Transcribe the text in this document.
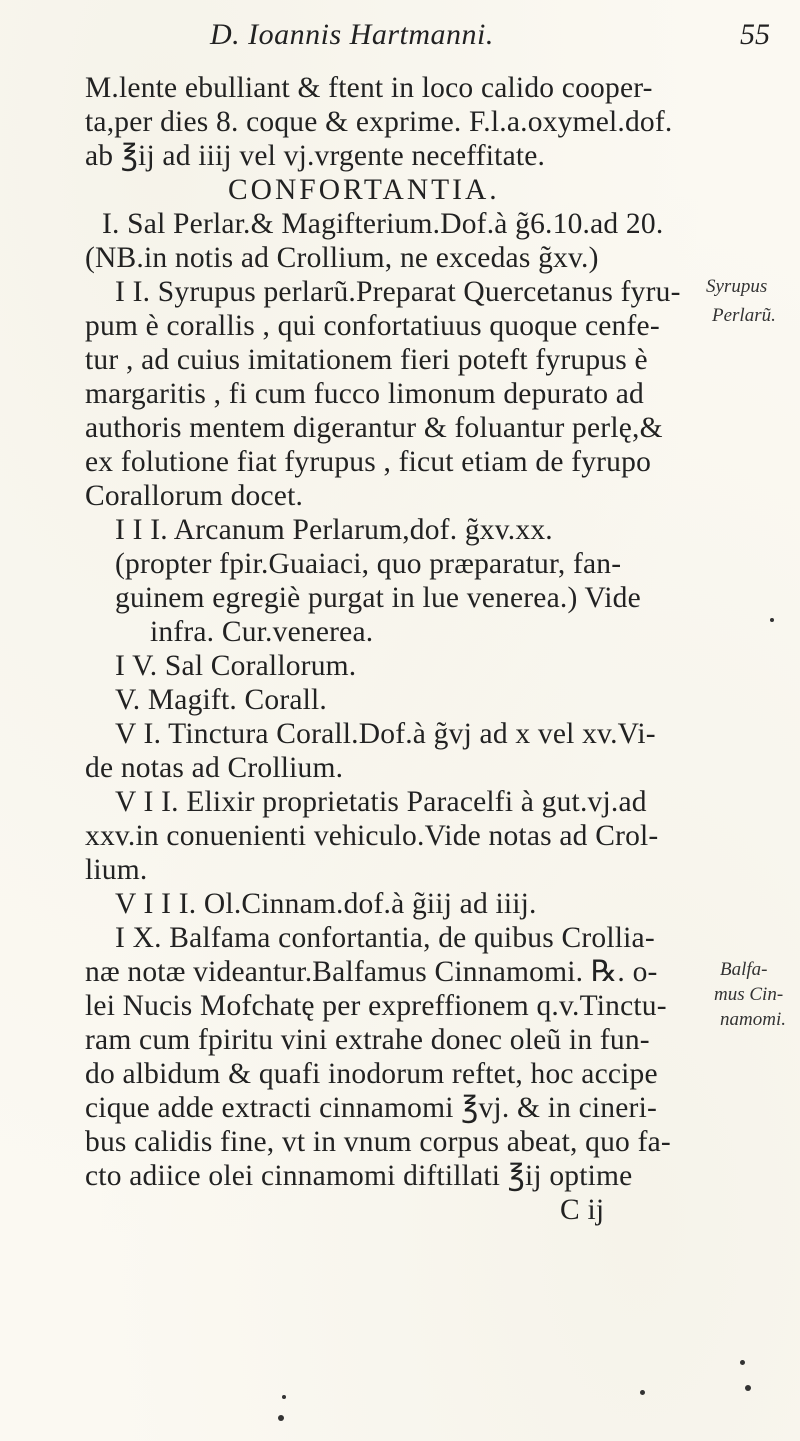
D. Ioannis Hartmanni.	55
M.lente ebulliant & ftent in loco calido cooper-
ta,per dies 8. coque & exprime. F.l.a.oxymel.dof.
ab ℥ij ad iiij vel vj.vrgente neceffitate.
CONFORTANTIA.
I. Sal Perlar.& Magifterium.Dof.à g̃6.10.ad 20.
(NB.in notis ad Crollium, ne excedas g̃xv.)
I I. Syrupus perlarũ.Preparat Quercetanus fyru-
pum è corallis , qui confortatiuus quoque cenfe-
tur , ad cuius imitationem fieri poteft fyrupus è
margaritis , fi cum fucco limonum depurato ad
authoris mentem digerantur & foluantur perlę,&
ex folutione fiat fyrupus , ficut etiam de fyrupo
Corallorum docet.
I I I. Arcanum Perlarum,dof. g̃xv.xx.
(propter fpir.Guaiaci, quo præparatur, fan-
guinem egregiè purgat in lue venerea.) Vide
infra. Cur.venerea.
I V. Sal Corallorum.
V. Magift. Corall.
V I. Tinctura Corall.Dof.à g̃vj ad x vel xv.Vi-
de notas ad Crollium.
V I I. Elixir proprietatis Paracelfi à gut.vj.ad
xxv.in conuenienti vehiculo.Vide notas ad Crol-
lium.
V I I I. Ol.Cinnam.dof.à g̃iij ad iiij.
I X. Balfama confortantia, de quibus Crollia-
næ notæ videantur.Balfamus Cinnamomi. ℞. o-
lei Nucis Mofchatę per expreffionem q.v.Tinctu-
ram cum fpiritu vini extrahe donec oleũ in fun-
do albidum & quafi inodorum reftet, hoc accipe
cique adde extracti cinnamomi ℥vj. & in cineri-
bus calidis fine, vt in vnum corpus abeat, quo fa-
cto adiice olei cinnamomi diftillati ℥ij optime
C ij
Syrupus
Perlarũ.
Balfa-
mus Cin-
namomi.
